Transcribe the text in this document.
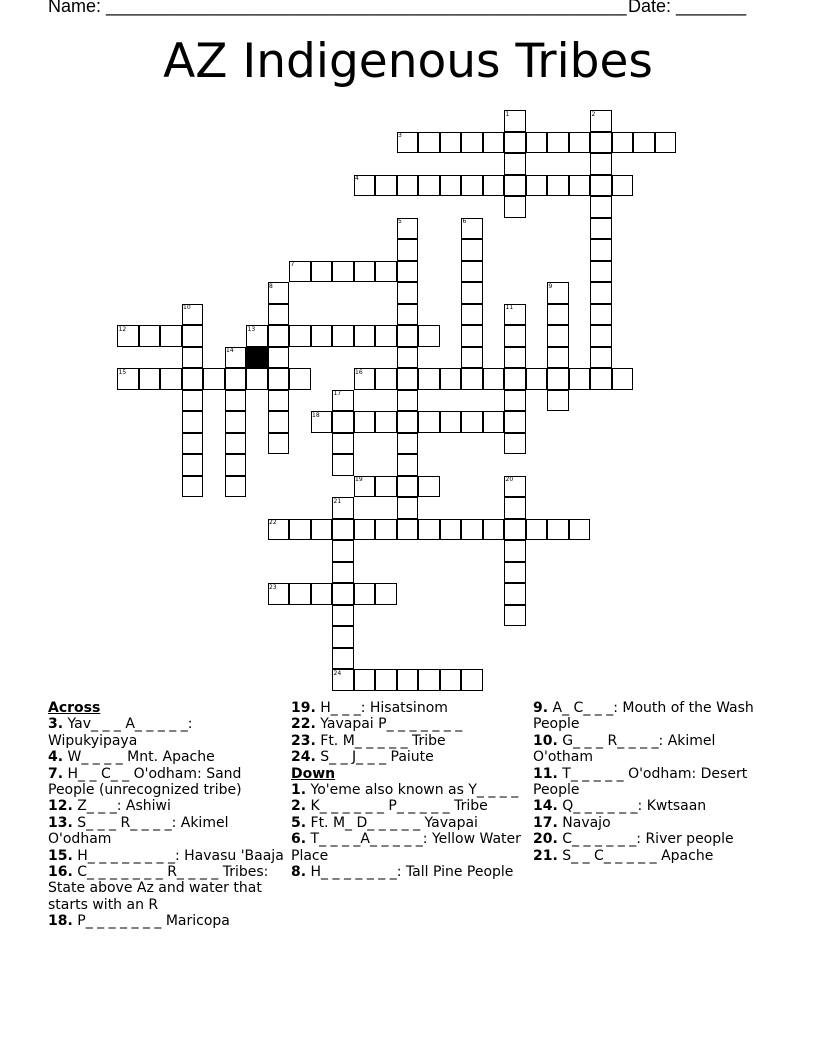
Name: ____________________________________________________ Date: _______
AZ Indigenous Tribes
3
4
7
12	13
15	16
18
19
22
23
24
1	2
5	6
8	9
10	11
14
17
20
21
Across
3. Yav_ _ _ A_ _ _ _ _: Wipukyipaya
4. W_ _ _ _ Mnt. Apache
7. H_ _ C_ _ O'odham: Sand People (unrecognized tribe)
12. Z_ _ _: Ashiwi
13. S_ _ _ R_ _ _ _: Akimel O'odham
15. H_ _ _ _ _ _ _ _: Havasu 'Baaja
16. C_ _ _ _ _ _ _ R_ _ _ _ Tribes: State above Az and water that starts with an R
18. P_ _ _ _ _ _ _ Maricopa
19. H_ _ _: Hisatsinom
22. Yavapai P_ _ _ _ _ _ _
23. Ft. M_ _ _ _ _ Tribe
24. S_ _ J_ _ _ Paiute
Down
1. Yo'eme also known as Y_ _ _ _
2. K_ _ _ _ _ _ P_ _ _ _ _ Tribe
5. Ft. M_ D_ _ _ _ _ Yavapai
6. T_ _ _ _A_ _ _ _ _: Yellow Water Place
8. H_ _ _ _ _ _ _: Tall Pine People
9. A_ C_ _ _: Mouth of the Wash People
10. G_ _ _ R_ _ _ _: Akimel O'otham
11. T_ _ _ _ _ O'odham: Desert People
14. Q_ _ _ _ _ _: Kwtsaan
17. Navajo
20. C_ _ _ _ _ _: River people
21. S_ _ C_ _ _ _ _ Apache
